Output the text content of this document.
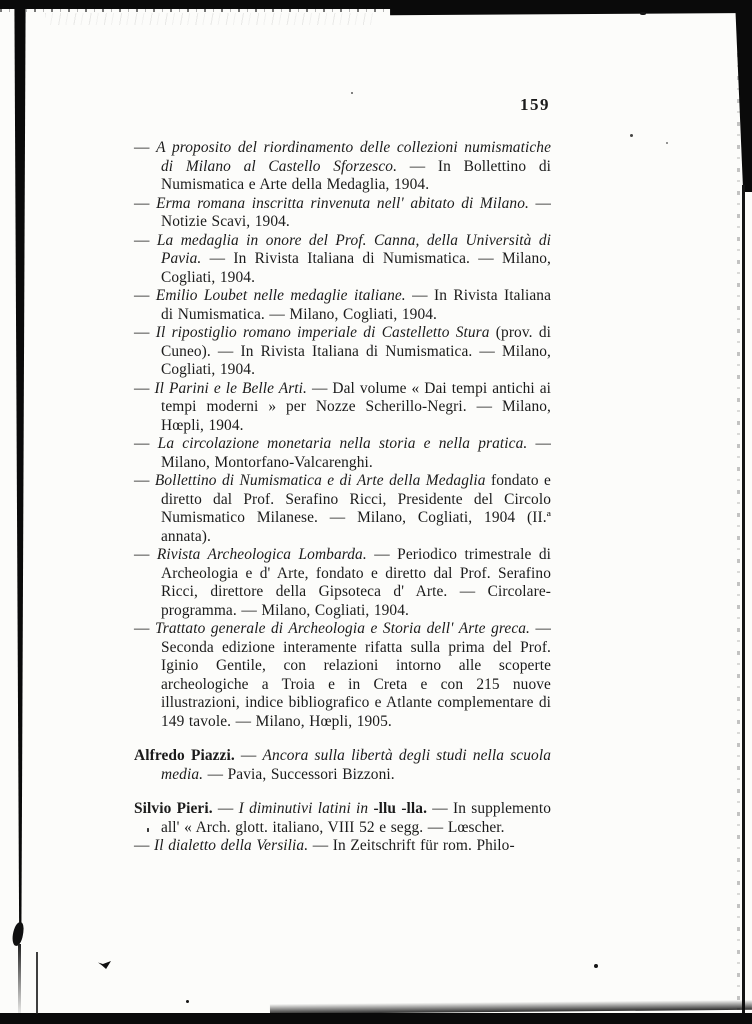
159

— A proposito del riordinamento delle collezioni numismatiche di Milano al Castello Sforzesco. — In Bollettino di Numismatica e Arte della Medaglia, 1904.

— Erma romana inscritta rinvenuta nell' abitato di Milano. — Notizie Scavi, 1904.

— La medaglia in onore del Prof. Canna, della Università di Pavia. — In Rivista Italiana di Numismatica. — Milano, Cogliati, 1904.

— Emilio Loubet nelle medaglie italiane. — In Rivista Italiana di Numismatica. — Milano, Cogliati, 1904.

— Il ripostiglio romano imperiale di Castelletto Stura (prov. di Cuneo). — In Rivista Italiana di Numismatica. — Milano, Cogliati, 1904.

— Il Parini e le Belle Arti. — Dal volume « Dai tempi antichi ai tempi moderni » per Nozze Scherillo-Negri. — Milano, Hœpli, 1904.

— La circolazione monetaria nella storia e nella pratica. — Milano, Montorfano-Valcarenghi.

— Bollettino di Numismatica e di Arte della Medaglia fondato e diretto dal Prof. Serafino Ricci, Presidente del Circolo Numismatico Milanese. — Milano, Cogliati, 1904 (II.ª annata).

— Rivista Archeologica Lombarda. — Periodico trimestrale di Archeologia e d' Arte, fondato e diretto dal Prof. Serafino Ricci, direttore della Gipsoteca d' Arte. — Circolare-programma. — Milano, Cogliati, 1904.

— Trattato generale di Archeologia e Storia dell' Arte greca. — Seconda edizione interamente rifatta sulla prima del Prof. Iginio Gentile, con relazioni intorno alle scoperte archeologiche a Troia e in Creta e con 215 nuove illustrazioni, indice bibliografico e Atlante complementare di 149 tavole. — Milano, Hœpli, 1905.

Alfredo Piazzi. — Ancora sulla libertà degli studi nella scuola media. — Pavia, Successori Bizzoni.

Silvio Pieri. — I diminutivi latini in -llu -lla. — In supplemento all' « Arch. glott. italiano, VIII 52 e segg. — Lœscher.

— Il dialetto della Versilia. — In Zeitschrift für rom. Philo-
